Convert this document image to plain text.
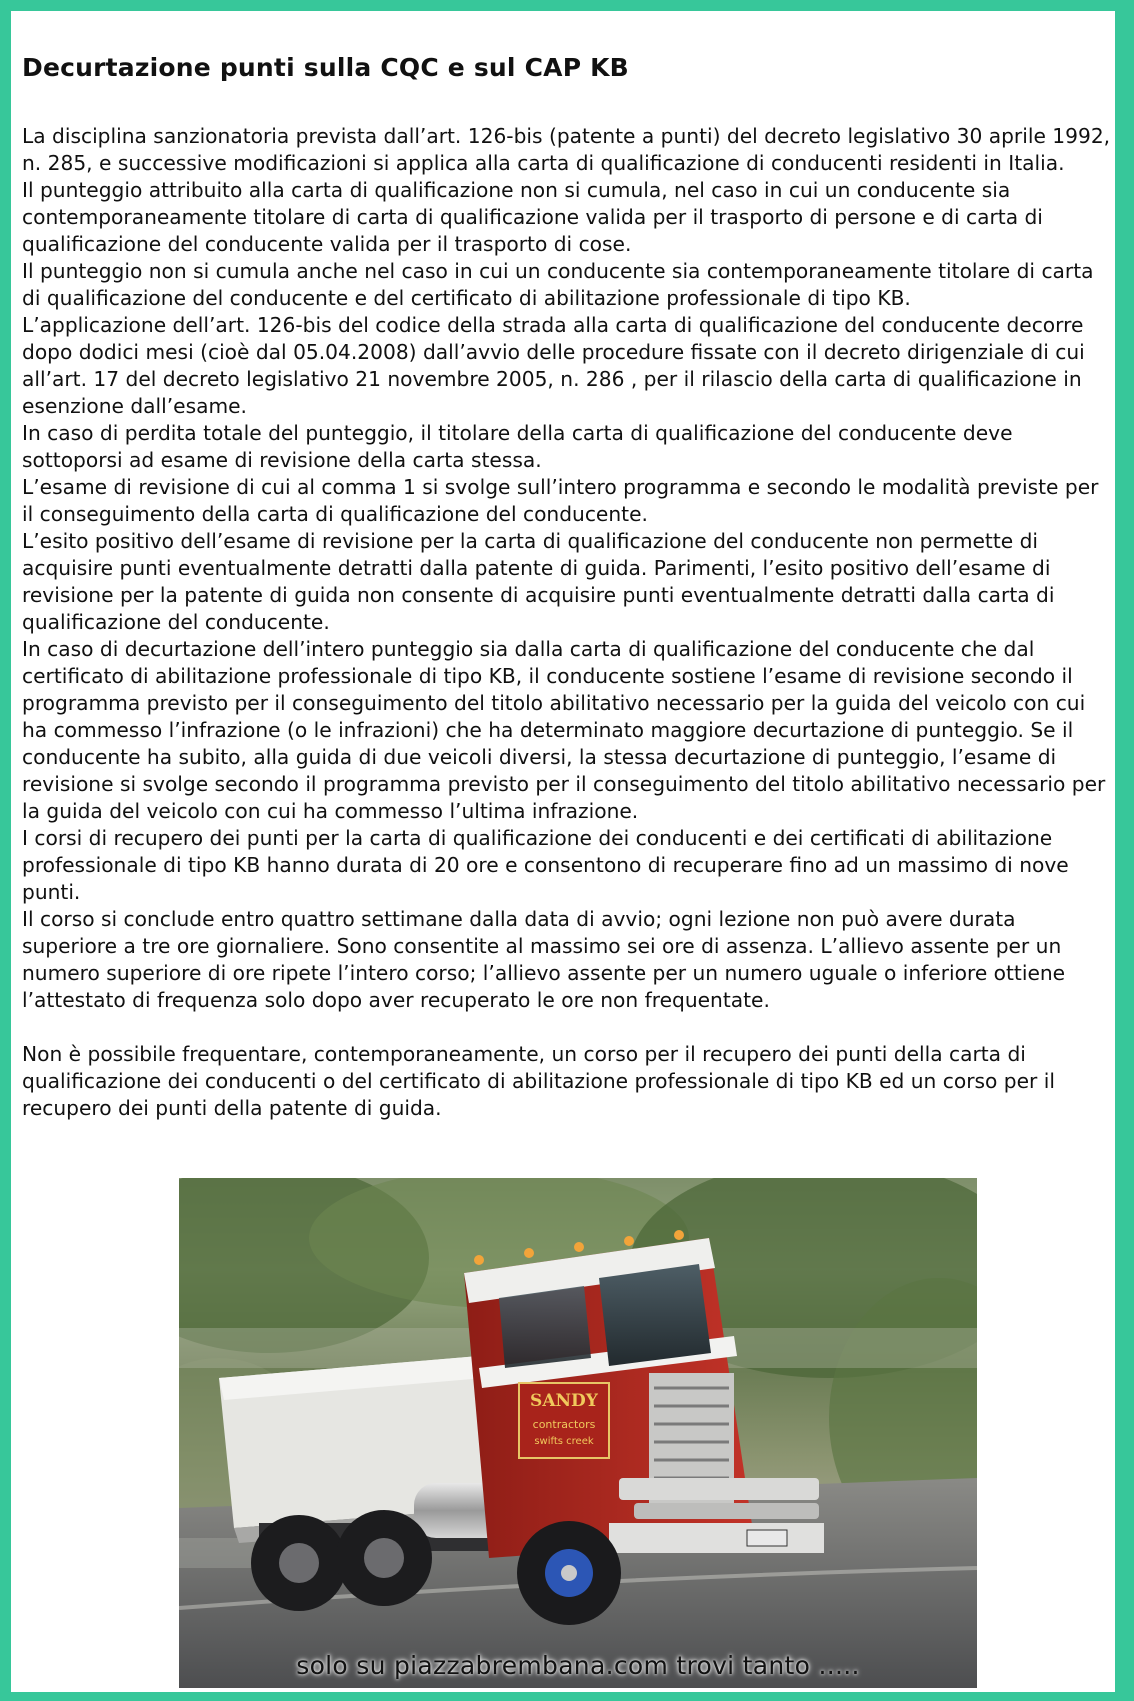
Decurtazione punti sulla CQC e sul CAP KB

La disciplina sanzionatoria prevista dall’art. 126-bis (patente a punti) del decreto legislativo 30 aprile 1992, n. 285, e successive modificazioni si applica alla carta di qualificazione di conducenti residenti in Italia.

Il punteggio attribuito alla carta di qualificazione non si cumula, nel caso in cui un conducente sia contemporaneamente titolare di carta di qualificazione valida per il trasporto di persone e di carta di qualificazione del conducente valida per il trasporto di cose.

Il punteggio non si cumula anche nel caso in cui un conducente sia contemporaneamente titolare di carta di qualificazione del conducente e del certificato di abilitazione professionale di tipo KB.

L’applicazione dell’art. 126-bis del codice della strada alla carta di qualificazione del conducente decorre dopo dodici mesi (cioè dal 05.04.2008) dall’avvio delle procedure fissate con il decreto dirigenziale di cui all’art. 17 del decreto legislativo 21 novembre 2005, n. 286 , per il rilascio della carta di qualificazione in esenzione dall’esame.

In caso di perdita totale del punteggio, il titolare della carta di qualificazione del conducente deve sottoporsi ad esame di revisione della carta stessa.

L’esame di revisione di cui al comma 1 si svolge sull’intero programma e secondo le modalità previste per il conseguimento della carta di qualificazione del conducente.

L’esito positivo dell’esame di revisione per la carta di qualificazione del conducente non permette di acquisire punti eventualmente detratti dalla patente di guida. Parimenti, l’esito positivo dell’esame di revisione per la patente di guida non consente di acquisire punti eventualmente detratti dalla carta di qualificazione del conducente.

In caso di decurtazione dell’intero punteggio sia dalla carta di qualificazione del conducente che dal certificato di abilitazione professionale di tipo KB, il conducente sostiene l’esame di revisione secondo il programma previsto per il conseguimento del titolo abilitativo necessario per la guida del veicolo con cui ha commesso l’infrazione (o le infrazioni) che ha determinato maggiore decurtazione di punteggio. Se il conducente ha subito, alla guida di due veicoli diversi, la stessa decurtazione di punteggio, l’esame di revisione si svolge secondo il programma previsto per il conseguimento del titolo abilitativo necessario per la guida del veicolo con cui ha commesso l’ultima infrazione.

I corsi di recupero dei punti per la carta di qualificazione dei conducenti e dei certificati di abilitazione professionale di tipo KB hanno durata di 20 ore e consentono di recuperare fino ad un massimo di nove punti.

Il corso si conclude entro quattro settimane dalla data di avvio; ogni lezione non può avere durata superiore a tre ore giornaliere. Sono consentite al massimo sei ore di assenza. L’allievo assente per un numero superiore di ore ripete l’intero corso; l’allievo assente per un numero uguale o inferiore ottiene l’attestato di frequenza solo dopo aver recuperato le ore non frequentate.

Non è possibile frequentare, contemporaneamente, un corso per il recupero dei punti della carta di qualificazione dei conducenti o del certificato di abilitazione professionale di tipo KB ed un corso per il recupero dei punti della patente di guida.

SANDY
contractors
swifts creek
solo su piazzabrembana.com trovi tanto .....
